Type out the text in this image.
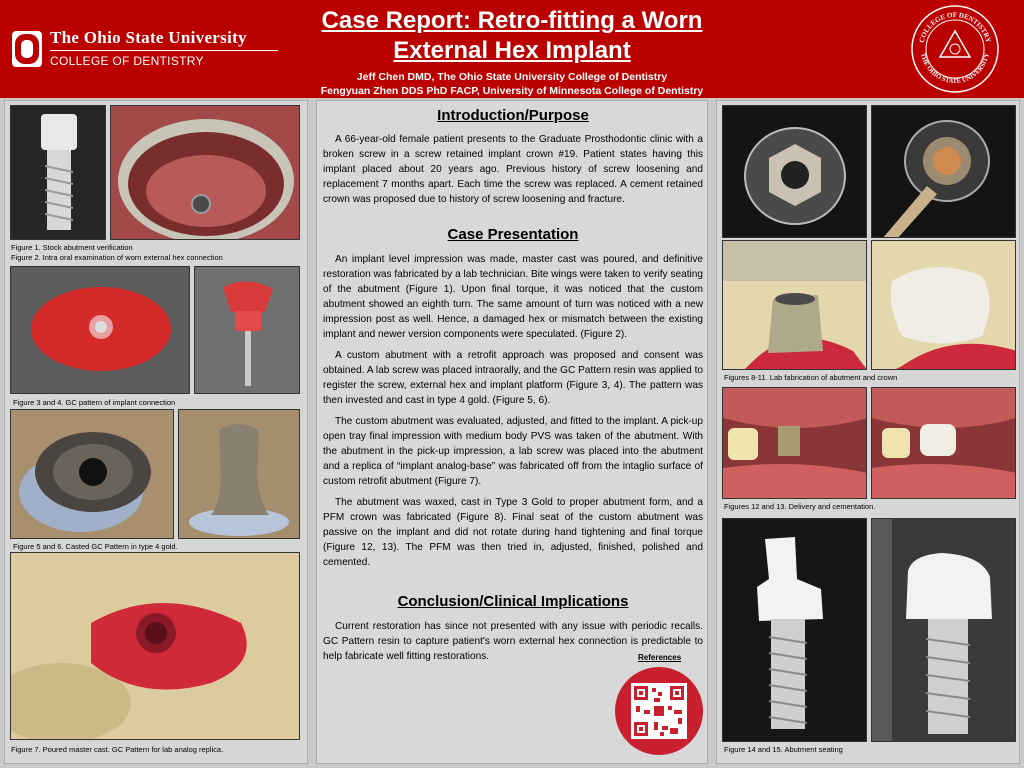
The Ohio State University
COLLEGE OF DENTISTRY
Case Report: Retro-fitting a Worn
External Hex Implant
Jeff Chen DMD, The Ohio State University College of Dentistry
Fengyuan Zhen DDS PhD FACP, University of Minnesota College of Dentistry
COLLEGE OF DENTISTRY
THE OHIO STATE UNIVERSITY
Figure 1. Stock abutment verification
Figure 2. Intra oral examination of worn external hex connection
Figure 3 and 4. GC pattern of implant connection
Figure 5 and 6. Casted GC Pattern in type 4 gold.
Figure 7. Poured master cast. GC Pattern for lab analog replica.
Introduction/Purpose

A 66-year-old female patient presents to the Graduate Prosthodontic clinic with a broken screw in a screw retained implant crown #19. Patient states having this implant placed about 20 years ago. Previous history of screw loosening and replacement 7 months apart. Each time the screw was replaced. A cement retained crown was proposed due to history of screw loosening and fracture.

Case Presentation

An implant level impression was made, master cast was poured, and definitive restoration was fabricated by a lab technician. Bite wings were taken to verify seating of the abutment (Figure 1). Upon final torque, it was noticed that the custom abutment showed an eighth turn. The same amount of turn was noticed with a new impression post as well. Hence, a damaged hex or mismatch between the existing implant and newer version components were speculated. (Figure 2).

A custom abutment with a retrofit approach was proposed and consent was obtained. A lab screw was placed intraorally, and the GC Pattern resin was applied to register the screw, external hex and implant platform (Figure 3, 4). The pattern was then invested and cast in type 4 gold. (Figure 5, 6).

The custom abutment was evaluated, adjusted, and fitted to the implant. A pick-up open tray final impression with medium body PVS was taken of the abutment. With the abutment in the pick-up impression, a lab screw was placed into the abutment and a replica of “implant analog-base” was fabricated off from the intaglio surface of custom retrofit abutment (Figure 7).

The abutment was waxed, cast in Type 3 Gold to proper abutment form, and a PFM crown was fabricated (Figure 8). Final seat of the custom abutment was passive on the implant and did not rotate during hand tightening and final torque (Figure 12, 13). The PFM was then tried in, adjusted, finished, polished and cemented.

Conclusion/Clinical Implications

Current restoration has since not presented with any issue with periodic recalls. GC Pattern resin to capture patient's worn external hex connection is predictable to help fabricate well fitting restorations.	References
Figures 8-11. Lab fabrication of abutment and crown
Figures 12 and 13. Delivery and cementation.
Figure 14 and 15. Abutment seating
